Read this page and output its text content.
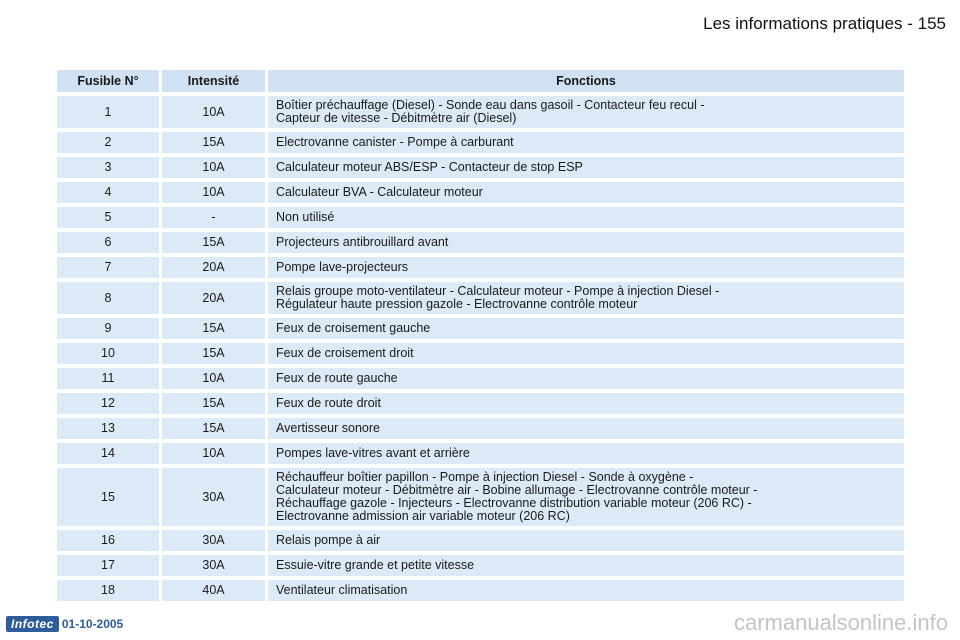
Les informations pratiques - 155
Fusible N°	Intensité	Fonctions
1	10A	Boîtier préchauffage (Diesel) - Sonde eau dans gasoil - Contacteur feu recul -
Capteur de vitesse - Débitmètre air (Diesel)
2	15A	Electrovanne canister - Pompe à carburant
3	10A	Calculateur moteur ABS/ESP - Contacteur de stop ESP
4	10A	Calculateur BVA - Calculateur moteur
5	-	Non utilisé
6	15A	Projecteurs antibrouillard avant
7	20A	Pompe lave-projecteurs
8	20A	Relais groupe moto-ventilateur - Calculateur moteur - Pompe à injection Diesel -
Régulateur haute pression gazole - Electrovanne contrôle moteur
9	15A	Feux de croisement gauche
10	15A	Feux de croisement droit
11	10A	Feux de route gauche
12	15A	Feux de route droit
13	15A	Avertisseur sonore
14	10A	Pompes lave-vitres avant et arrière
15	30A	Réchauffeur boîtier papillon - Pompe à injection Diesel - Sonde à oxygène -
Calculateur moteur - Débitmètre air - Bobine allumage - Electrovanne contrôle moteur -
Réchauffage gazole - Injecteurs - Electrovanne distribution variable moteur (206 RC) -
Electrovanne admission air variable moteur (206 RC)
16	30A	Relais pompe à air
17	30A	Essuie-vitre grande et petite vitesse
18	40A	Ventilateur climatisation
Infotec 01-10-2005	carmanualsonline.info
